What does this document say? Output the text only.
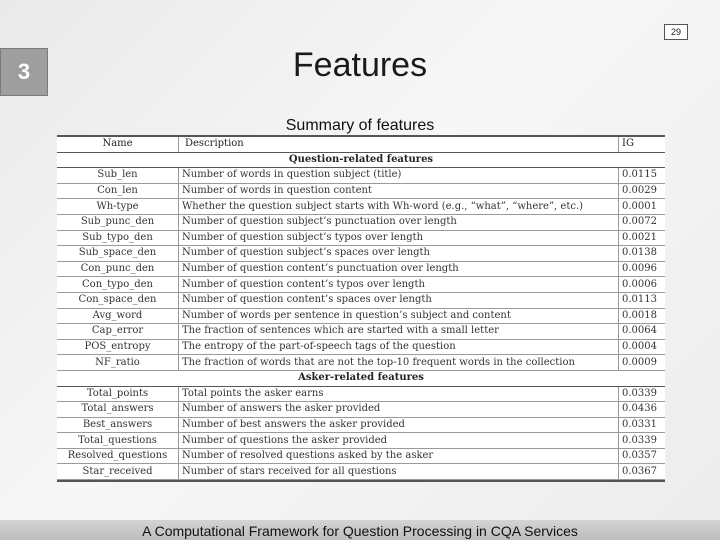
29
3	Features
Summary of features
Name	Description	IG
Question-related features		
Sub_len	Number of words in question subject (title)	0.0115
Con_len	Number of words in question content	0.0029
Wh-type	Whether the question subject starts with Wh-word (e.g., “what”, “where”, etc.)	0.0001
Sub_punc_den	Number of question subject’s punctuation over length	0.0072
Sub_typo_den	Number of question subject’s typos over length	0.0021
Sub_space_den	Number of question subject’s spaces over length	0.0138
Con_punc_den	Number of question content’s punctuation over length	0.0096
Con_typo_den	Number of question content’s typos over length	0.0006
Con_space_den	Number of question content’s spaces over length	0.0113
Avg_word	Number of words per sentence in question’s subject and content	0.0018
Cap_error	The fraction of sentences which are started with a small letter	0.0064
POS_entropy	The entropy of the part-of-speech tags of the question	0.0004
NF_ratio	The fraction of words that are not the top-10 frequent words in the collection	0.0009
Asker-related features		
Total_points	Total points the asker earns	0.0339
Total_answers	Number of answers the asker provided	0.0436
Best_answers	Number of best answers the asker provided	0.0331
Total_questions	Number of questions the asker provided	0.0339
Resolved_questions	Number of resolved questions asked by the asker	0.0357
Star_received	Number of stars received for all questions	0.0367
A Computational Framework for Question Processing in CQA Services
